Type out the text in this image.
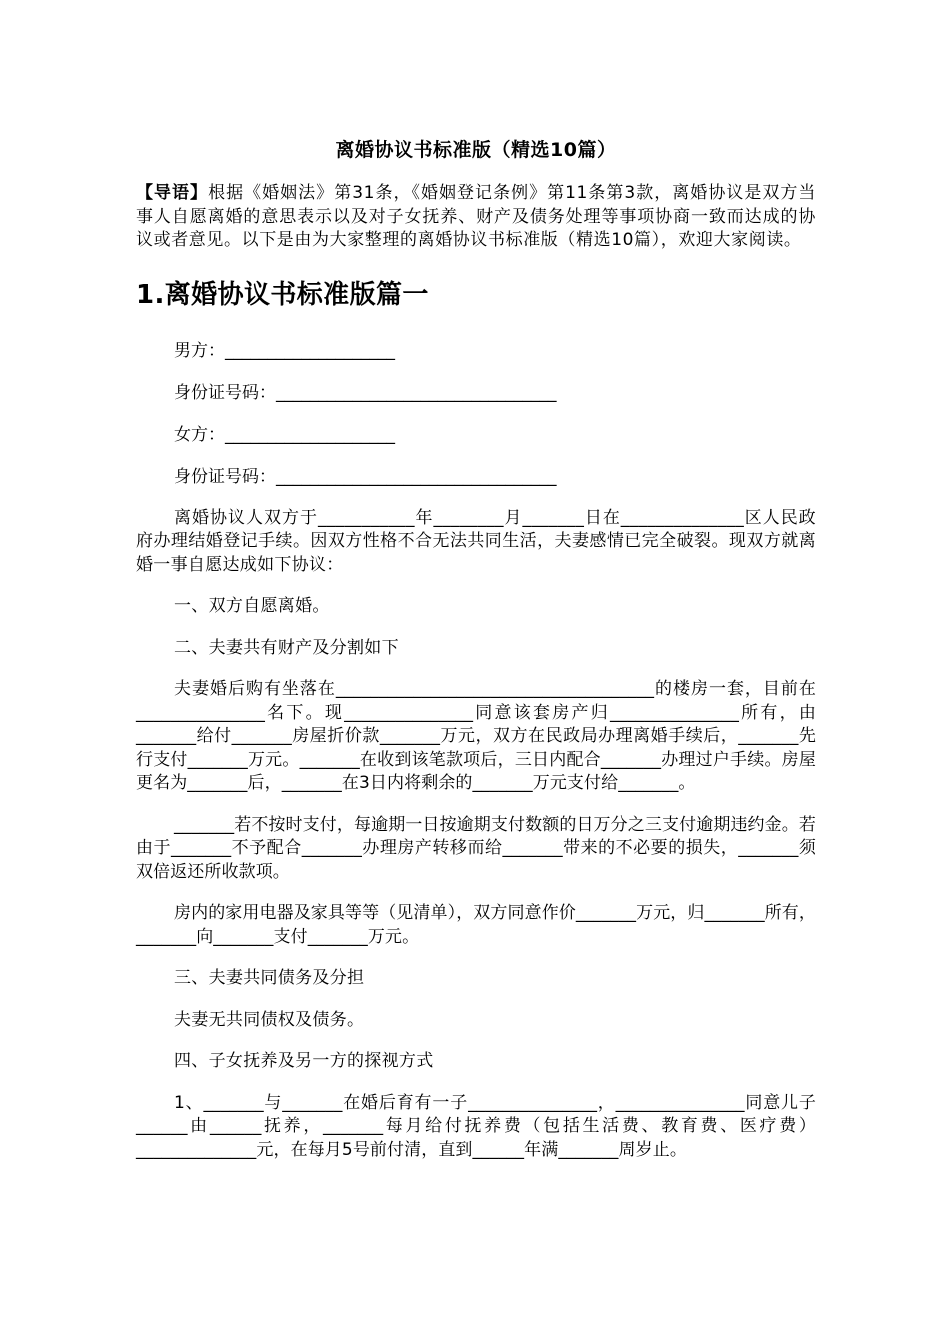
离婚协议书标准版（精选10篇）

【导语】根据《婚姻法》第31条，《婚姻登记条例》第11条第3款，离婚协议是双方当事人自愿离婚的意思表示以及对子女抚养、财产及债务处理等事项协商一致而达成的协议或者意见。以下是由为大家整理的离婚协议书标准版（精选10篇），欢迎大家阅读。

1.离婚协议书标准版篇一
男方：____________________
身份证号码：_________________________________
女方：____________________
身份证号码：_________________________________

离婚协议人双方于___________年________月_______日在______________区人民政府办理结婚登记手续。因双方性格不合无法共同生活，夫妻感情已完全破裂。现双方就离婚一事自愿达成如下协议：

一、双方自愿离婚。

二、夫妻共有财产及分割如下

夫妻婚后购有坐落在_____________________________________的楼房一套，目前在_______________名下。现_______________同意该套房产归_______________所有，由_______给付_______房屋折价款_______万元，双方在民政局办理离婚手续后，_______先行支付_______万元。_______在收到该笔款项后，三日内配合_______办理过户手续。房屋更名为_______后，_______在3日内将剩余的_______万元支付给_______。

_______若不按时支付，每逾期一日按逾期支付数额的日万分之三支付逾期违约金。若由于_______不予配合_______办理房产转移而给_______带来的不必要的损失，_______须双倍返还所收款项。

房内的家用电器及家具等等（见清单），双方同意作价_______万元，归_______所有，_______向_______支付_______万元。

三、夫妻共同债务及分担

夫妻无共同债权及债务。

四、子女抚养及另一方的探视方式

1、_______与_______在婚后育有一子_______________，_______________同意儿子______由______抚养，_______每月给付抚养费（包括生活费、教育费、医疗费）______________元，在每月5号前付清，直到______年满_______周岁止。
